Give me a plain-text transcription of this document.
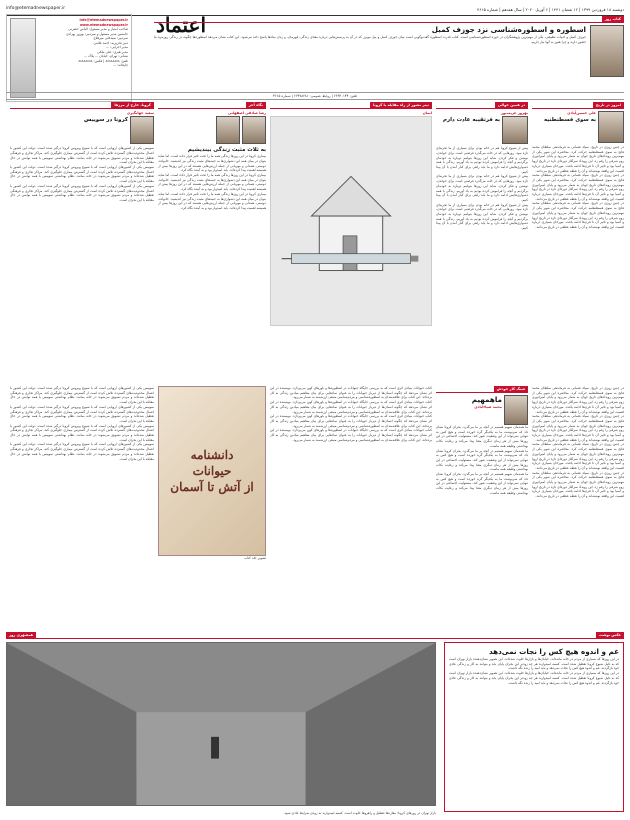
دوشنبه ۱۸ فروردین ۱۳۹۹ | ۱۲ شعبان ۱۴۴۱ | ۶ آوریل ۲۰۲۰ | سال هفدهم | شماره ۴۶۱۵
info@etemadnewspaper.ir
info@etemadnewspaper.ir
www.etemadnewspaper.ir
صاحب امتیاز و مدیر مسئول: الیاس حضرتی
جانشین مدیر مسئول و سردبیر: بهروز بهزادی
سردبیر: سیدعلی میرفلاح
دبیر تحریریه: احمد غلامی
مدیر اجرایی: ...
مدیر هنری: علی ملکی
نشانی: تهران، خیابان ... پلاک ...
تلفن: ۸۸۸۸۸۸۸۸ | فکس: ۸۸۸۸۸۸۸۸
چاپخانه: ...
اعتماد	کتاب روز
اسطوره و اسطوره‌شناسی نزد جوزف کمبل
جوزف کمبل و ادبیات تطبیقی، یکی از مهم‌ترین پژوهشگران در حوزه اسطوره‌شناسی است. کتاب قدرت اسطوره گفت‌وگویی است میان جوزف کمبل و بیل مویرز که در آن به پرسش‌هایی درباره معنای زندگی، قهرمان، و زبان نمادها پاسخ داده می‌شود. این کتاب نشان می‌دهد اسطوره‌ها چگونه در زندگی روزمره ما حضور دارند و چرا هنوز به آنها نیاز داریم.
تلفن: ۶۶۹۴۰۱۴۴ | روابط عمومی: ۶۶۴۷۸۶۸۱ | شماره ۴۶۱۵
امروز در تاریخ
علی حسین‌آبادی
به سوی فسطنطنیه
در چنین روزی در تاریخ، سپاه عثمانی به فرماندهی سلطان محمد فاتح به سوی قسطنطنیه حرکت کرد. محاصره این شهر یکی از مهم‌ترین رویدادهای تاریخ جهان به شمار می‌رود و پایان امپراتوری روم شرقی را رقم زد. این رویداد سرآغاز دوره‌ای تازه در تاریخ اروپا و آسیا بود و تاثیر آن تا قرن‌ها ادامه یافت. مورخان بسیاری درباره اهمیت این واقعه نوشته‌اند و آن را نقطه عطفی در تاریخ می‌دانند.
در چنین روزی در تاریخ، سپاه عثمانی به فرماندهی سلطان محمد فاتح به سوی قسطنطنیه حرکت کرد. محاصره این شهر یکی از مهم‌ترین رویدادهای تاریخ جهان به شمار می‌رود و پایان امپراتوری روم شرقی را رقم زد. این رویداد سرآغاز دوره‌ای تازه در تاریخ اروپا و آسیا بود و تاثیر آن تا قرن‌ها ادامه یافت. مورخان بسیاری درباره اهمیت این واقعه نوشته‌اند و آن را نقطه عطفی در تاریخ می‌دانند.
در چنین روزی در تاریخ، سپاه عثمانی به فرماندهی سلطان محمد فاتح به سوی قسطنطنیه حرکت کرد. محاصره این شهر یکی از مهم‌ترین رویدادهای تاریخ جهان به شمار می‌رود و پایان امپراتوری روم شرقی را رقم زد. این رویداد سرآغاز دوره‌ای تازه در تاریخ اروپا و آسیا بود و تاثیر آن تا قرن‌ها ادامه یافت. مورخان بسیاری درباره اهمیت این واقعه نوشته‌اند و آن را نقطه عطفی در تاریخ می‌دانند.
در همین حوالی
بهروز غریب‌پور
به فرتقیبه عادت دارم
پیش از شیوع کرونا هم در خانه بودن برای بسیاری از ما تجربه‌ای تازه نبود. روزهایی که در خانه می‌گذرد فرصتی است برای خواندن، نوشتن و فکر کردن. شاید این روزها بتوانیم دوباره به خودمان برگردیم و آنچه را فراموش کرده بودیم به یاد آوریم. زندگی با همه دشواری‌هایش ادامه دارد و ما باید راهی برای کنار آمدن با آن پیدا کنیم.
پیش از شیوع کرونا هم در خانه بودن برای بسیاری از ما تجربه‌ای تازه نبود. روزهایی که در خانه می‌گذرد فرصتی است برای خواندن، نوشتن و فکر کردن. شاید این روزها بتوانیم دوباره به خودمان برگردیم و آنچه را فراموش کرده بودیم به یاد آوریم. زندگی با همه دشواری‌هایش ادامه دارد و ما باید راهی برای کنار آمدن با آن پیدا کنیم.
پیش از شیوع کرونا هم در خانه بودن برای بسیاری از ما تجربه‌ای تازه نبود. روزهایی که در خانه می‌گذرد فرصتی است برای خواندن، نوشتن و فکر کردن. شاید این روزها بتوانیم دوباره به خودمان برگردیم و آنچه را فراموش کرده بودیم به یاد آوریم. زندگی با همه دشواری‌هایش ادامه دارد و ما باید راهی برای کنار آمدن با آن پیدا کنیم.
تیتر مصور از راه مقابله با کرونا
ایمان
نگاه آخر
رضا صادقی اصفهانی
به ثلاث مثبت زندگی بیندیشیم
بیماری کرونا در این روزها زندگی همه ما را تحت تاثیر قرار داده است. اما شاید بتوان در میان همه این دشواری‌ها به جنبه‌های مثبت زندگی نیز اندیشید. خانواده، دوستی، همدلی و مهربانی از جمله ارزش‌هایی هستند که در این روزها بیش از همیشه اهمیت پیدا کرده‌اند. باید امیدوار بود و به آینده نگاه کرد.
بیماری کرونا در این روزها زندگی همه ما را تحت تاثیر قرار داده است. اما شاید بتوان در میان همه این دشواری‌ها به جنبه‌های مثبت زندگی نیز اندیشید. خانواده، دوستی، همدلی و مهربانی از جمله ارزش‌هایی هستند که در این روزها بیش از همیشه اهمیت پیدا کرده‌اند. باید امیدوار بود و به آینده نگاه کرد.
بیماری کرونا در این روزها زندگی همه ما را تحت تاثیر قرار داده است. اما شاید بتوان در میان همه این دشواری‌ها به جنبه‌های مثبت زندگی نیز اندیشید. خانواده، دوستی، همدلی و مهربانی از جمله ارزش‌هایی هستند که در این روزها بیش از همیشه اهمیت پیدا کرده‌اند. باید امیدوار بود و به آینده نگاه کرد.
کرونا، خارج از مرزها
سعید جهانگیری
کرونا در سوییس
سوییس یکی از کشورهای اروپایی است که با شیوع ویروس کرونا درگیر شده است. دولت این کشور با اعمال محدودیت‌های گسترده تلاش کرده است از گسترش بیماری جلوگیری کند. مراکز تجاری و فرهنگی تعطیل شده‌اند و مردم تشویق می‌شوند در خانه بمانند. نظام بهداشتی سوییس با همه توانش در حال مقابله با این بحران است.
سوییس یکی از کشورهای اروپایی است که با شیوع ویروس کرونا درگیر شده است. دولت این کشور با اعمال محدودیت‌های گسترده تلاش کرده است از گسترش بیماری جلوگیری کند. مراکز تجاری و فرهنگی تعطیل شده‌اند و مردم تشویق می‌شوند در خانه بمانند. نظام بهداشتی سوییس با همه توانش در حال مقابله با این بحران است.
سوییس یکی از کشورهای اروپایی است که با شیوع ویروس کرونا درگیر شده است. دولت این کشور با اعمال محدودیت‌های گسترده تلاش کرده است از گسترش بیماری جلوگیری کند. مراکز تجاری و فرهنگی تعطیل شده‌اند و مردم تشویق می‌شوند در خانه بمانند. نظام بهداشتی سوییس با همه توانش در حال مقابله با این بحران است.
در چنین روزی در تاریخ، سپاه عثمانی به فرماندهی سلطان محمد فاتح به سوی قسطنطنیه حرکت کرد. محاصره این شهر یکی از مهم‌ترین رویدادهای تاریخ جهان به شمار می‌رود و پایان امپراتوری روم شرقی را رقم زد. این رویداد سرآغاز دوره‌ای تازه در تاریخ اروپا و آسیا بود و تاثیر آن تا قرن‌ها ادامه یافت. مورخان بسیاری درباره اهمیت این واقعه نوشته‌اند و آن را نقطه عطفی در تاریخ می‌دانند.
در چنین روزی در تاریخ، سپاه عثمانی به فرماندهی سلطان محمد فاتح به سوی قسطنطنیه حرکت کرد. محاصره این شهر یکی از مهم‌ترین رویدادهای تاریخ جهان به شمار می‌رود و پایان امپراتوری روم شرقی را رقم زد. این رویداد سرآغاز دوره‌ای تازه در تاریخ اروپا و آسیا بود و تاثیر آن تا قرن‌ها ادامه یافت. مورخان بسیاری درباره اهمیت این واقعه نوشته‌اند و آن را نقطه عطفی در تاریخ می‌دانند.
در چنین روزی در تاریخ، سپاه عثمانی به فرماندهی سلطان محمد فاتح به سوی قسطنطنیه حرکت کرد. محاصره این شهر یکی از مهم‌ترین رویدادهای تاریخ جهان به شمار می‌رود و پایان امپراتوری روم شرقی را رقم زد. این رویداد سرآغاز دوره‌ای تازه در تاریخ اروپا و آسیا بود و تاثیر آن تا قرن‌ها ادامه یافت. مورخان بسیاری درباره اهمیت این واقعه نوشته‌اند و آن را نقطه عطفی در تاریخ می‌دانند.
در چنین روزی در تاریخ، سپاه عثمانی به فرماندهی سلطان محمد فاتح به سوی قسطنطنیه حرکت کرد. محاصره این شهر یکی از مهم‌ترین رویدادهای تاریخ جهان به شمار می‌رود و پایان امپراتوری روم شرقی را رقم زد. این رویداد سرآغاز دوره‌ای تازه در تاریخ اروپا و آسیا بود و تاثیر آن تا قرن‌ها ادامه یافت. مورخان بسیاری درباره اهمیت این واقعه نوشته‌اند و آن را نقطه عطفی در تاریخ می‌دانند.
شنگ کار خودش
ماهمهیم
محمد ضیاءآبادی
ما همه‌مان سهیم هستیم در آنچه بر ما می‌گذرد. بحران کرونا نشان داد که سرنوشت ما به یکدیگر گره خورده است و هیچ کس به تنهایی نمی‌تواند از این وضعیت عبور کند. مسئولیت اجتماعی در این روزها بیش از هر زمان دیگری معنا پیدا می‌کند و رعایت نکات بهداشتی وظیفه همه ماست.
ما همه‌مان سهیم هستیم در آنچه بر ما می‌گذرد. بحران کرونا نشان داد که سرنوشت ما به یکدیگر گره خورده است و هیچ کس به تنهایی نمی‌تواند از این وضعیت عبور کند. مسئولیت اجتماعی در این روزها بیش از هر زمان دیگری معنا پیدا می‌کند و رعایت نکات بهداشتی وظیفه همه ماست.
ما همه‌مان سهیم هستیم در آنچه بر ما می‌گذرد. بحران کرونا نشان داد که سرنوشت ما به یکدیگر گره خورده است و هیچ کس به تنهایی نمی‌تواند از این وضعیت عبور کند. مسئولیت اجتماعی در این روزها بیش از هر زمان دیگری معنا پیدا می‌کند و رعایت نکات بهداشتی وظیفه همه ماست.
کتاب حیوانات بنیادی اثری است که به بررسی جایگاه حیوانات در اسطوره‌ها و باورهای کهن می‌پردازد. نویسنده در این اثر نشان می‌دهد که چگونه انسان‌ها از دیرباز حیوانات را به عنوان نمادهایی برای بیان مفاهیم بنیادین زندگی به کار برده‌اند. این کتاب برای علاقه‌مندان به اسطوره‌شناسی و مردم‌شناسی منبعی ارزشمند به شمار می‌رود.
کتاب حیوانات بنیادی اثری است که به بررسی جایگاه حیوانات در اسطوره‌ها و باورهای کهن می‌پردازد. نویسنده در این اثر نشان می‌دهد که چگونه انسان‌ها از دیرباز حیوانات را به عنوان نمادهایی برای بیان مفاهیم بنیادین زندگی به کار برده‌اند. این کتاب برای علاقه‌مندان به اسطوره‌شناسی و مردم‌شناسی منبعی ارزشمند به شمار می‌رود.
کتاب حیوانات بنیادی اثری است که به بررسی جایگاه حیوانات در اسطوره‌ها و باورهای کهن می‌پردازد. نویسنده در این اثر نشان می‌دهد که چگونه انسان‌ها از دیرباز حیوانات را به عنوان نمادهایی برای بیان مفاهیم بنیادین زندگی به کار برده‌اند. این کتاب برای علاقه‌مندان به اسطوره‌شناسی و مردم‌شناسی منبعی ارزشمند به شمار می‌رود.
کتاب حیوانات بنیادی اثری است که به بررسی جایگاه حیوانات در اسطوره‌ها و باورهای کهن می‌پردازد. نویسنده در این اثر نشان می‌دهد که چگونه انسان‌ها از دیرباز حیوانات را به عنوان نمادهایی برای بیان مفاهیم بنیادین زندگی به کار برده‌اند. این کتاب برای علاقه‌مندان به اسطوره‌شناسی و مردم‌شناسی منبعی ارزشمند به شمار می‌رود.
دانشنامه
حیوانات
از آتش تا آسمان
تصویر جلد کتاب
سوییس یکی از کشورهای اروپایی است که با شیوع ویروس کرونا درگیر شده است. دولت این کشور با اعمال محدودیت‌های گسترده تلاش کرده است از گسترش بیماری جلوگیری کند. مراکز تجاری و فرهنگی تعطیل شده‌اند و مردم تشویق می‌شوند در خانه بمانند. نظام بهداشتی سوییس با همه توانش در حال مقابله با این بحران است.
سوییس یکی از کشورهای اروپایی است که با شیوع ویروس کرونا درگیر شده است. دولت این کشور با اعمال محدودیت‌های گسترده تلاش کرده است از گسترش بیماری جلوگیری کند. مراکز تجاری و فرهنگی تعطیل شده‌اند و مردم تشویق می‌شوند در خانه بمانند. نظام بهداشتی سوییس با همه توانش در حال مقابله با این بحران است.
سوییس یکی از کشورهای اروپایی است که با شیوع ویروس کرونا درگیر شده است. دولت این کشور با اعمال محدودیت‌های گسترده تلاش کرده است از گسترش بیماری جلوگیری کند. مراکز تجاری و فرهنگی تعطیل شده‌اند و مردم تشویق می‌شوند در خانه بمانند. نظام بهداشتی سوییس با همه توانش در حال مقابله با این بحران است.
سوییس یکی از کشورهای اروپایی است که با شیوع ویروس کرونا درگیر شده است. دولت این کشور با اعمال محدودیت‌های گسترده تلاش کرده است از گسترش بیماری جلوگیری کند. مراکز تجاری و فرهنگی تعطیل شده‌اند و مردم تشویق می‌شوند در خانه بمانند. نظام بهداشتی سوییس با همه توانش در حال مقابله با این بحران است.
عکس نوشت
همشهری روز
غم و اندوه هیچ کس را نجات نمی‌دهد
در این روزها که بسیاری از مردم در خانه مانده‌اند، خیابان‌ها و بازارها خلوت شده‌اند. این تصویر نشان‌دهنده بازار تهران است که به دلیل شیوع کرونا تعطیل شده است. کسبه امیدوارند هر چه زودتر این بحران پایان یابد و بتوانند به کار و زندگی عادی خود بازگردند. غم و اندوه هیچ کس را نجات نمی‌دهد و باید امید را زنده نگه داشت.
در این روزها که بسیاری از مردم در خانه مانده‌اند، خیابان‌ها و بازارها خلوت شده‌اند. این تصویر نشان‌دهنده بازار تهران است که به دلیل شیوع کرونا تعطیل شده است. کسبه امیدوارند هر چه زودتر این بحران پایان یابد و بتوانند به کار و زندگی عادی خود بازگردند. غم و اندوه هیچ کس را نجات نمی‌دهد و باید امید را زنده نگه داشت.
بازار تهران در روزهای کرونا؛ مغازه‌ها تعطیل و راهروها خلوت است. کسبه امیدوارند به زودی شرایط عادی شود.
